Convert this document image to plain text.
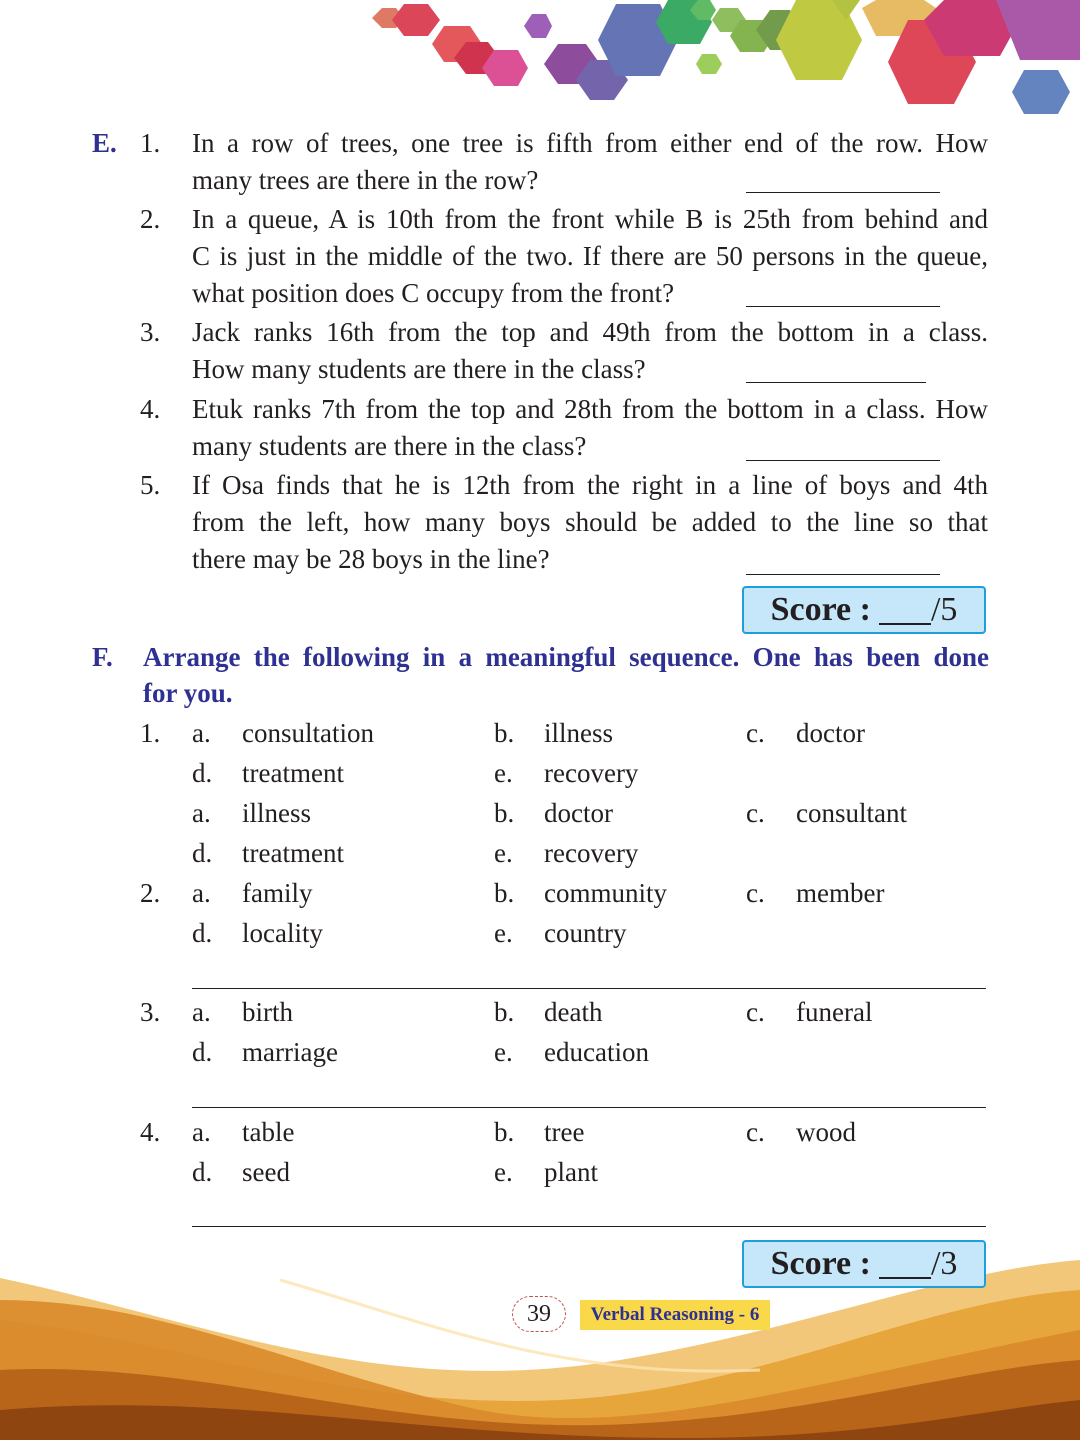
E. 1. In a row of trees, one tree is fifth from either end of the row. How
many trees are there in the row?
2. In a queue, A is 10th from the front while B is 25th from behind and
C is just in the middle of the two. If there are 50 persons in the queue,
what position does C occupy from the front?
3. Jack ranks 16th from the top and 49th from the bottom in a class.
How many students are there in the class?
4. Etuk ranks 7th from the top and 28th from the bottom in a class. How
many students are there in the class?
5. If Osa finds that he is 12th from the right in a line of boys and 4th
from the left, how many boys should be added to the line so that
there may be 28 boys in the line?
Score : /5
F. Arrange the following in a meaningful sequence. One has been done
for you.
1. a. consultation	b. illness	c. doctor
d. treatment	e. recovery
a. illness	b. doctor	c. consultant
d. treatment	e. recovery
2. a. family	b. community	c. member
d. locality	e. country
3. a. birth	b. death	c. funeral
d. marriage	e. education
4. a. table	b. tree	c. wood
d. seed	e. plant
Score : /3
39	Verbal Reasoning - 6
